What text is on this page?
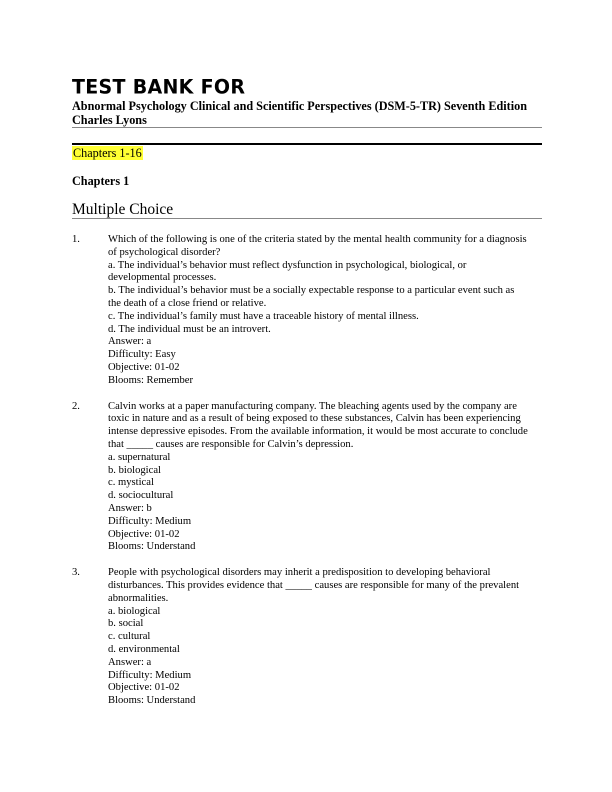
TEST BANK FOR
Abnormal Psychology Clinical and Scientific Perspectives (DSM-5-TR) Seventh Edition
Charles Lyons
Chapters 1-16
Chapters 1
Multiple Choice
1.	Which of the following is one of the criteria stated by the mental health community for a diagnosis
of psychological disorder?
a. The individual’s behavior must reflect dysfunction in psychological, biological, or
developmental processes.
b. The individual’s behavior must be a socially expectable response to a particular event such as
the death of a close friend or relative.
c. The individual’s family must have a traceable history of mental illness.
d. The individual must be an introvert.
Answer: a
Difficulty: Easy
Objective: 01-02
Blooms: Remember
2.	Calvin works at a paper manufacturing company. The bleaching agents used by the company are
toxic in nature and as a result of being exposed to these substances, Calvin has been experiencing
intense depressive episodes. From the available information, it would be most accurate to conclude
that _____ causes are responsible for Calvin’s depression.
a. supernatural
b. biological
c. mystical
d. sociocultural
Answer: b
Difficulty: Medium
Objective: 01-02
Blooms: Understand
3.	People with psychological disorders may inherit a predisposition to developing behavioral
disturbances. This provides evidence that _____ causes are responsible for many of the prevalent
abnormalities.
a. biological
b. social
c. cultural
d. environmental
Answer: a
Difficulty: Medium
Objective: 01-02
Blooms: Understand
